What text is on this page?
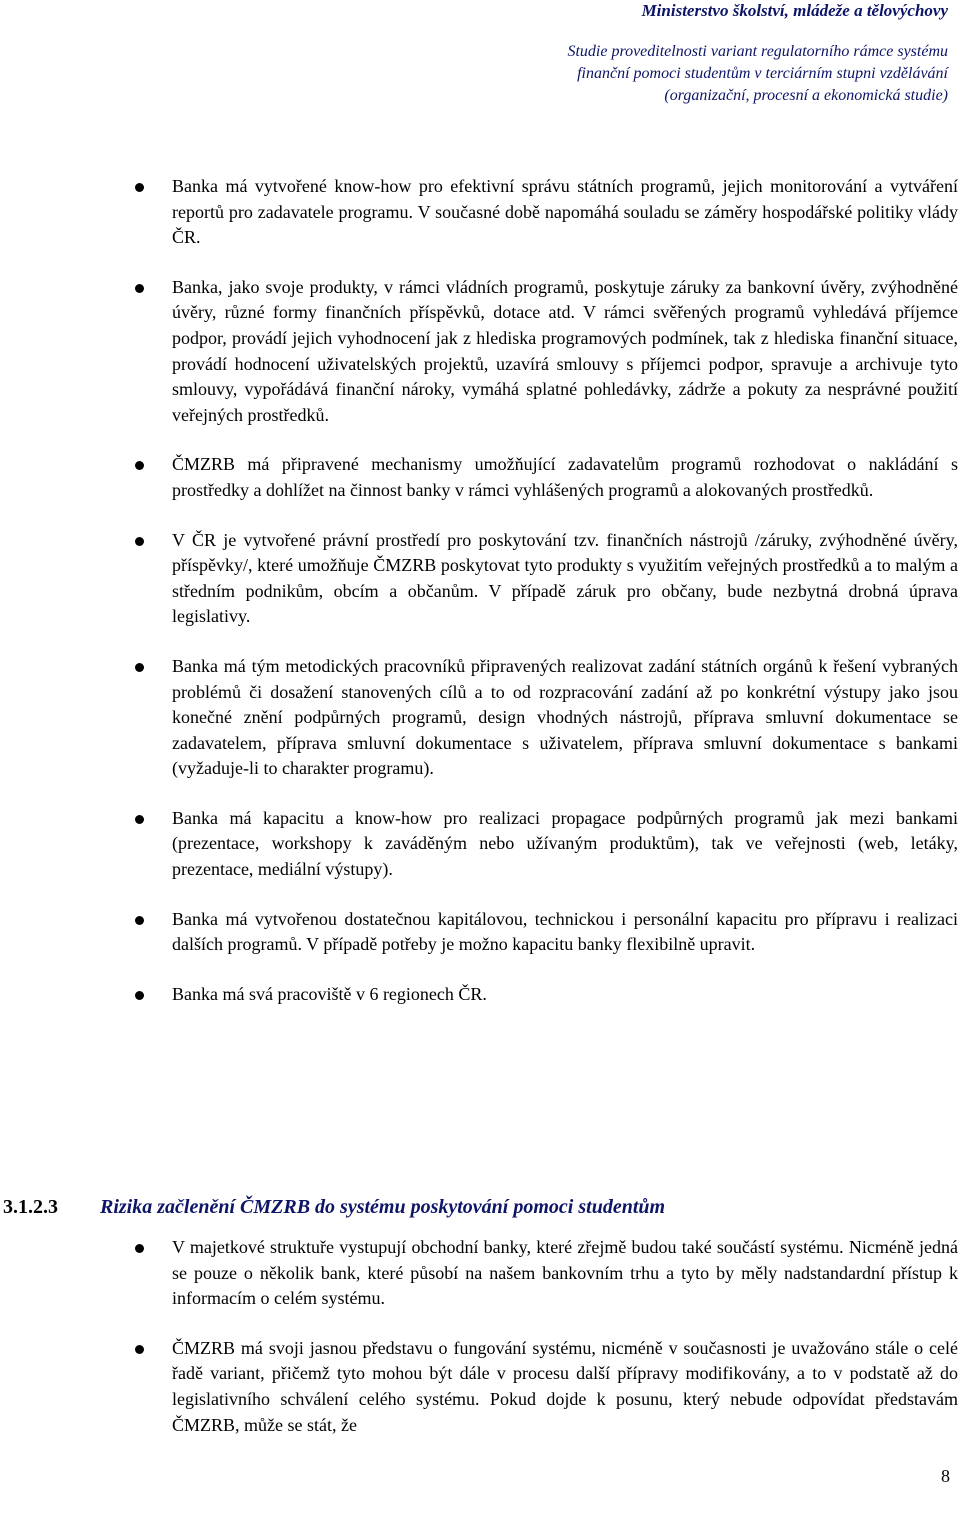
Ministerstvo školství, mládeže a tělovýchovy
Studie proveditelnosti variant regulatorního rámce systému
finanční pomoci studentům v terciárním stupni vzdělávání
(organizační, procesní a ekonomická studie)
Banka má vytvořené know-how pro efektivní správu státních programů, jejich monitorování a vytváření reportů pro zadavatele programu. V současné době napomáhá souladu se záměry hospodářské politiky vlády ČR.
Banka, jako svoje produkty, v rámci vládních programů, poskytuje záruky za bankovní úvěry, zvýhodněné úvěry, různé formy finančních příspěvků, dotace atd. V rámci svěřených programů vyhledává příjemce podpor, provádí jejich vyhodnocení jak z hlediska programových podmínek, tak z hlediska finanční situace, provádí hodnocení uživatelských projektů, uzavírá smlouvy s příjemci podpor, spravuje a archivuje tyto smlouvy, vypořádává finanční nároky, vymáhá splatné pohledávky, zádrže a pokuty za nesprávné použití veřejných prostředků.
ČMZRB má připravené mechanismy umožňující zadavatelům programů rozhodovat o nakládání s prostředky a dohlížet na činnost banky v rámci vyhlášených programů a alokovaných prostředků.
V ČR je vytvořené právní prostředí pro poskytování tzv. finančních nástrojů /záruky, zvýhodněné úvěry, příspěvky/, které umožňuje ČMZRB poskytovat tyto produkty s využitím veřejných prostředků a to malým a středním podnikům, obcím a občanům. V případě záruk pro občany, bude nezbytná drobná úprava legislativy.
Banka má tým metodických pracovníků připravených realizovat zadání státních orgánů k řešení vybraných problémů či dosažení stanovených cílů a to od rozpracování zadání až po konkrétní výstupy jako jsou konečné znění podpůrných programů, design vhodných nástrojů, příprava smluvní dokumentace se zadavatelem, příprava smluvní dokumentace s uživatelem, příprava smluvní dokumentace s bankami (vyžaduje-li to charakter programu).
Banka má kapacitu a know-how pro realizaci propagace podpůrných programů jak mezi bankami (prezentace, workshopy k zaváděným nebo užívaným produktům), tak ve veřejnosti (web, letáky, prezentace, mediální výstupy).
Banka má vytvořenou dostatečnou kapitálovou, technickou i personální kapacitu pro přípravu i realizaci dalších programů. V případě potřeby je možno kapacitu banky flexibilně upravit.
Banka má svá pracoviště v 6 regionech ČR.
3.1.2.3 Rizika začlenění ČMZRB do systému poskytování pomoci studentům
V majetkové struktuře vystupují obchodní banky, které zřejmě budou také součástí systému. Nicméně jedná se pouze o několik bank, které působí na našem bankovním trhu a tyto by měly nadstandardní přístup k informacím o celém systému.
ČMZRB má svoji jasnou představu o fungování systému, nicméně v současnosti je uvažováno stále o celé řadě variant, přičemž tyto mohou být dále v procesu další přípravy modifikovány, a to v podstatě až do legislativního schválení celého systému. Pokud dojde k posunu, který nebude odpovídat představám ČMZRB, může se stát, že
8
